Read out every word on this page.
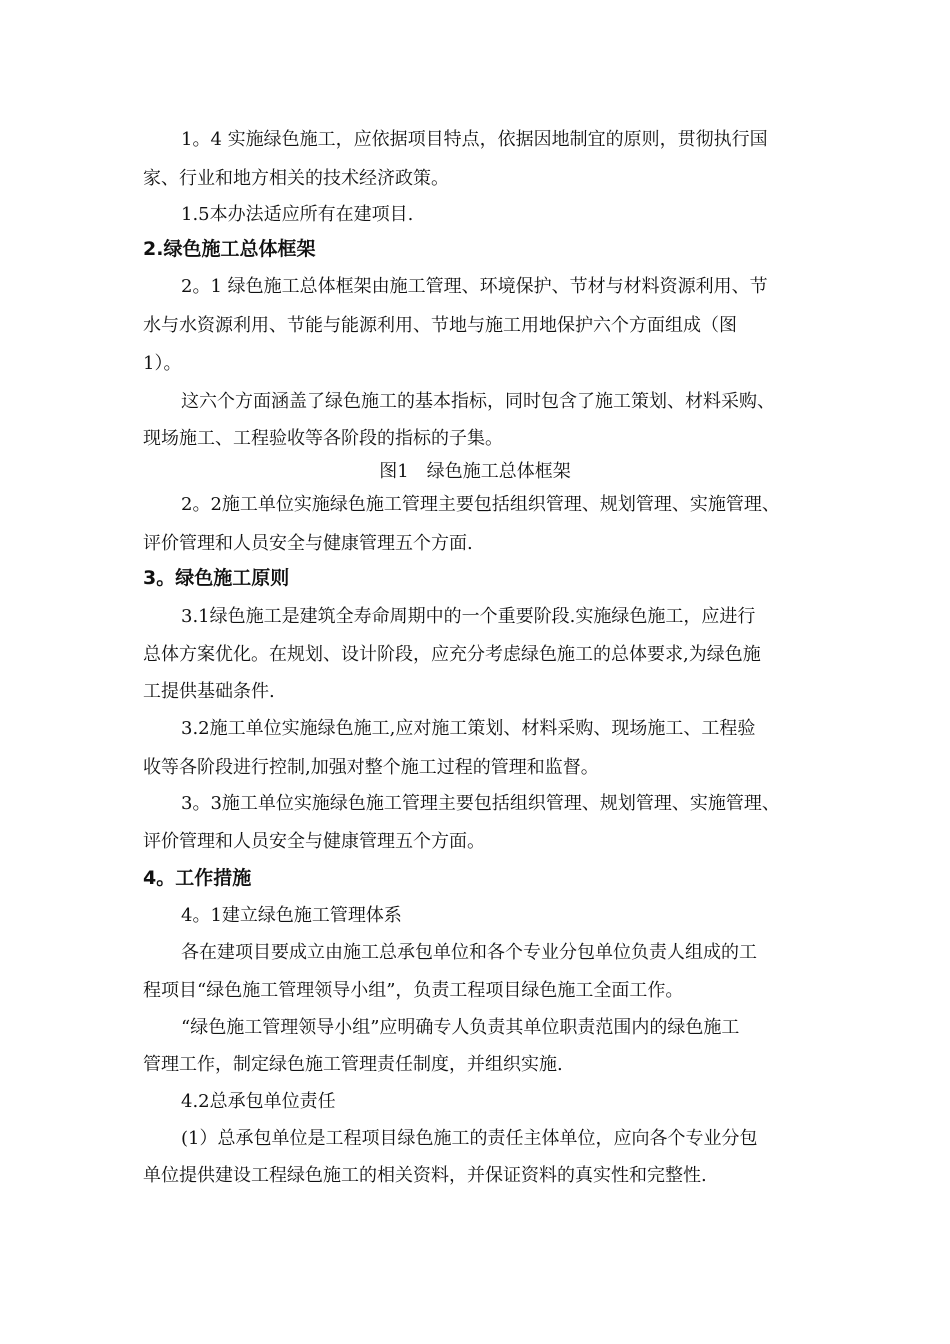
1。4 实施绿色施工，应依据项目特点，依据因地制宜的原则，贯彻执行国
家、行业和地方相关的技术经济政策。
1.5本办法适应所有在建项目.
2.绿色施工总体框架
2。1 绿色施工总体框架由施工管理、环境保护、节材与材料资源利用、节
水与水资源利用、节能与能源利用、节地与施工用地保护六个方面组成（图
1）。
这六个方面涵盖了绿色施工的基本指标，同时包含了施工策划、材料采购、
现场施工、工程验收等各阶段的指标的子集。
图1　绿色施工总体框架
2。2施工单位实施绿色施工管理主要包括组织管理、规划管理、实施管理、
评价管理和人员安全与健康管理五个方面.
3。绿色施工原则
3.1绿色施工是建筑全寿命周期中的一个重要阶段.实施绿色施工，应进行
总体方案优化。在规划、设计阶段，应充分考虑绿色施工的总体要求,为绿色施
工提供基础条件.
3.2施工单位实施绿色施工,应对施工策划、材料采购、现场施工、工程验
收等各阶段进行控制,加强对整个施工过程的管理和监督。
3。3施工单位实施绿色施工管理主要包括组织管理、规划管理、实施管理、
评价管理和人员安全与健康管理五个方面。
4。工作措施
4。1建立绿色施工管理体系
各在建项目要成立由施工总承包单位和各个专业分包单位负责人组成的工
程项目“绿色施工管理领导小组”，负责工程项目绿色施工全面工作。
“绿色施工管理领导小组”应明确专人负责其单位职责范围内的绿色施工
管理工作，制定绿色施工管理责任制度，并组织实施.
4.2总承包单位责任
(1）总承包单位是工程项目绿色施工的责任主体单位，应向各个专业分包
单位提供建设工程绿色施工的相关资料，并保证资料的真实性和完整性.
